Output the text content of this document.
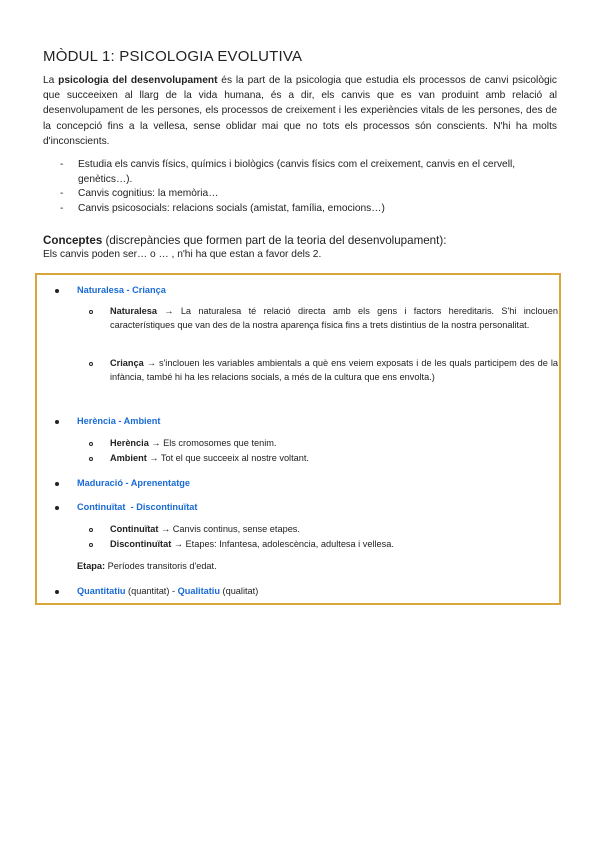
MÒDUL 1: PSICOLOGIA EVOLUTIVA

La psicologia del desenvolupament és la part de la psicologia que estudia els processos de canvi psicològic que succeeixen al llarg de la vida humana, és a dir, els canvis que es van produint amb relació al desenvolupament de les persones, els processos de creixement i les experiències vitals de les persones, des de la concepció fins a la vellesa, sense oblidar mai que no tots els processos són conscients. N'hi ha molts d'inconscients.

- Estudia els canvis físics, químics i biològics (canvis físics com el creixement, canvis en el cervell, genètics…).
- Canvis cognitius: la memòria…
- Canvis psicosocials: relacions socials (amistat, família, emocions…)

Conceptes (discrepàncies que formen part de la teoria del desenvolupament):

Els canvis poden ser… o … , n'hi ha que estan a favor dels 2.

Naturalesa - Criança
Naturalesa → La naturalesa té relació directa amb els gens i factors hereditaris. S'hi inclouen característiques que van des de la nostra aparença física fins a trets distintius de la nostra personalitat.
Criança → s'inclouen les variables ambientals a què ens veiem exposats i de les quals participem des de la infància, també hi ha les relacions socials, a més de la cultura que ens envolta.)
Herència - Ambient
Herència → Els cromosomes que tenim.
Ambient → Tot el que succeeix al nostre voltant.
Maduració - Aprenentatge
Continuïtat  - Discontinuïtat
Continuïtat → Canvis continus, sense etapes.
Discontinuïtat → Etapes: Infantesa, adolescència, adultesa i vellesa.
Etapa: Períodes transitoris d'edat.
Quantitatiu (quantitat) - Qualitatiu (qualitat)
